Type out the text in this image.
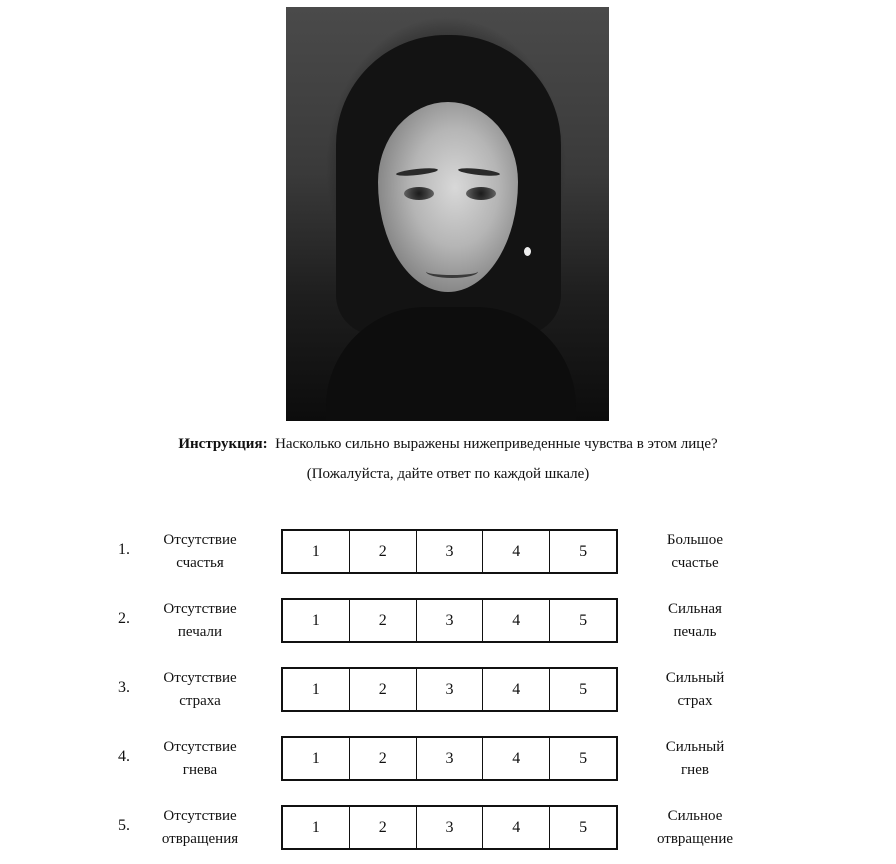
Инструкция: Насколько сильно выражены нижеприведенные чувства в этом лице?
(Пожалуйста, дайте ответ по каждой шкале)
1.
Отсутствие
счастья
1	2	3	4	5
Большое
счастье
2.
Отсутствие
печали
1	2	3	4	5
Сильная
печаль
3.
Отсутствие
страха
1	2	3	4	5
Сильный
страх
4.
Отсутствие
гнева
1	2	3	4	5
Сильный
гнев
5.
Отсутствие
отвращения
1	2	3	4	5
Сильное
отвращение
